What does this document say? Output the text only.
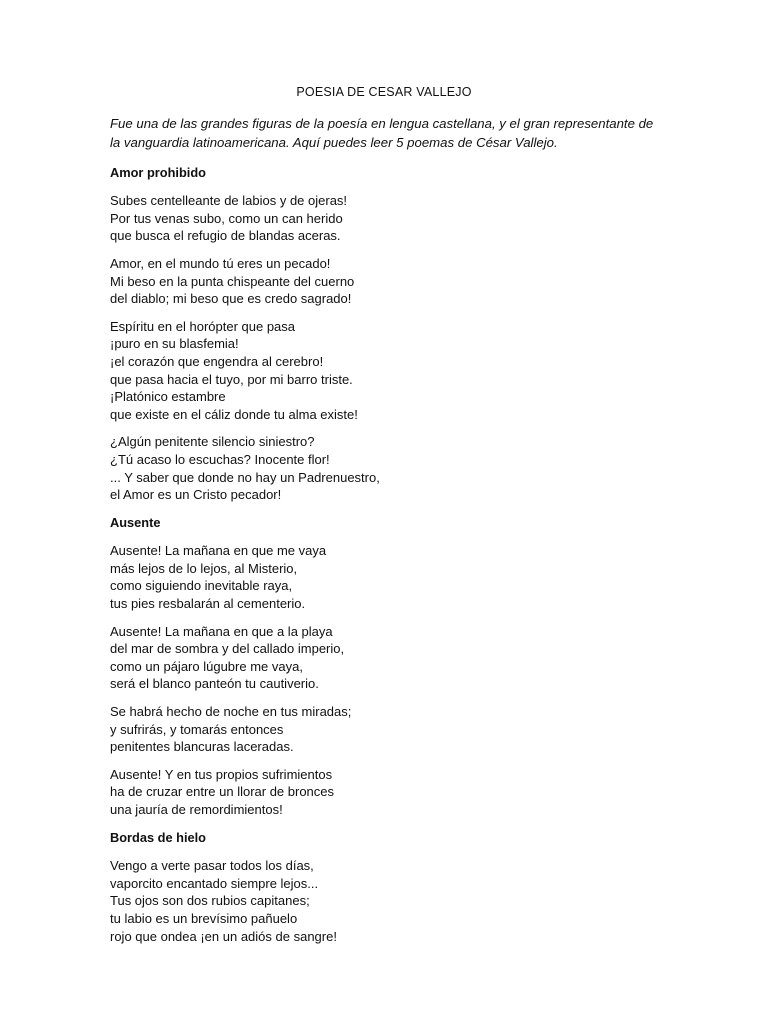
POESIA DE CESAR VALLEJO
Fue una de las grandes figuras de la poesía en lengua castellana, y el gran representante de la vanguardia latinoamericana. Aquí puedes leer 5 poemas de César Vallejo.
Amor prohibido
Subes centelleante de labios y de ojeras!
Por tus venas subo, como un can herido
que busca el refugio de blandas aceras.
Amor, en el mundo tú eres un pecado!
Mi beso en la punta chispeante del cuerno
del diablo; mi beso que es credo sagrado!
Espíritu en el horópter que pasa
¡puro en su blasfemia!
¡el corazón que engendra al cerebro!
que pasa hacia el tuyo, por mi barro triste.
¡Platónico estambre
que existe en el cáliz donde tu alma existe!
¿Algún penitente silencio siniestro?
¿Tú acaso lo escuchas? Inocente flor!
... Y saber que donde no hay un Padrenuestro,
el Amor es un Cristo pecador!
Ausente
Ausente! La mañana en que me vaya
más lejos de lo lejos, al Misterio,
como siguiendo inevitable raya,
tus pies resbalarán al cementerio.
Ausente! La mañana en que a la playa
del mar de sombra y del callado imperio,
como un pájaro lúgubre me vaya,
será el blanco panteón tu cautiverio.
Se habrá hecho de noche en tus miradas;
y sufrirás, y tomarás entonces
penitentes blancuras laceradas.
Ausente! Y en tus propios sufrimientos
ha de cruzar entre un llorar de bronces
una jauría de remordimientos!
Bordas de hielo
Vengo a verte pasar todos los días,
vaporcito encantado siempre lejos...
Tus ojos son dos rubios capitanes;
tu labio es un brevísimo pañuelo
rojo que ondea ¡en un adiós de sangre!
